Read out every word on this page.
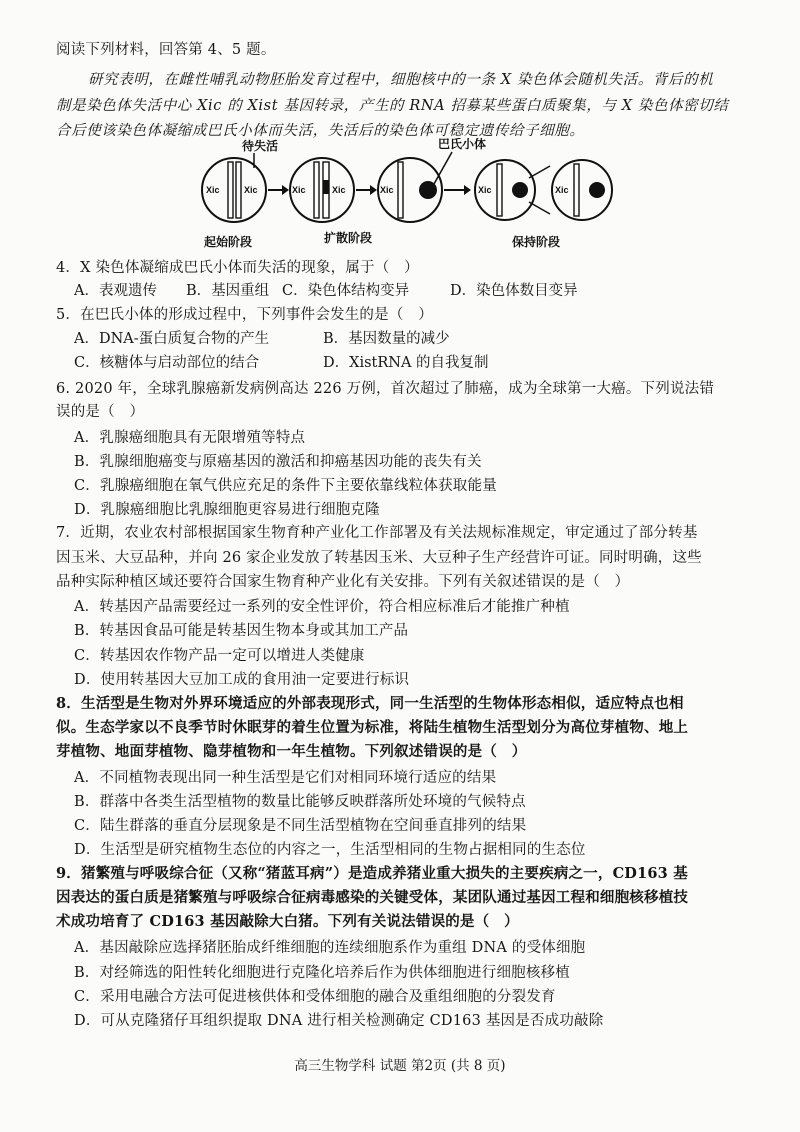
阅读下列材料，回答第 4、5 题。
研究表明，在雌性哺乳动物胚胎发育过程中，细胞核中的一条 X 染色体会随机失活。背后的机
制是染色体失活中心 Xic 的 Xist 基因转录，产生的 RNA 招募某些蛋白质聚集，与 X 染色体密切结
合后使该染色体凝缩成巴氏小体而失活，失活后的染色体可稳定遗传给子细胞。
待失活	巴氏小体
起始阶段	扩散阶段	保持阶段
Xic	Xic	Xic	Xic	Xic	Xic	Xic
4．X 染色体凝缩成巴氏小体而失活的现象，属于（　）
A．表观遗传 B．基因重组 C．染色体结构变异	D．染色体数目变异
5．在巴氏小体的形成过程中，下列事件会发生的是（　）
A．DNA-蛋白质复合物的产生	B．基因数量的减少
C．核糖体与启动部位的结合	D．XistRNA 的自我复制
6. 2020 年，全球乳腺癌新发病例高达 226 万例，首次超过了肺癌，成为全球第一大癌。下列说法错
误的是（　）
A．乳腺癌细胞具有无限增殖等特点
B．乳腺细胞癌变与原癌基因的激活和抑癌基因功能的丧失有关
C．乳腺癌细胞在氧气供应充足的条件下主要依靠线粒体获取能量
D．乳腺癌细胞比乳腺细胞更容易进行细胞克隆
7．近期，农业农村部根据国家生物育种产业化工作部署及有关法规标准规定，审定通过了部分转基
因玉米、大豆品种，并向 26 家企业发放了转基因玉米、大豆种子生产经营许可证。同时明确，这些
品种实际种植区域还要符合国家生物育种产业化有关安排。下列有关叙述错误的是（　）
A．转基因产品需要经过一系列的安全性评价，符合相应标准后才能推广种植
B．转基因食品可能是转基因生物本身或其加工产品
C．转基因农作物产品一定可以增进人类健康
D．使用转基因大豆加工成的食用油一定要进行标识
8．生活型是生物对外界环境适应的外部表现形式，同一生活型的生物体形态相似，适应特点也相
似。生态学家以不良季节时休眠芽的着生位置为标准，将陆生植物生活型划分为高位芽植物、地上
芽植物、地面芽植物、隐芽植物和一年生植物。下列叙述错误的是（　）
A．不同植物表现出同一种生活型是它们对相同环境行适应的结果
B．群落中各类生活型植物的数量比能够反映群落所处环境的气候特点
C．陆生群落的垂直分层现象是不同生活型植物在空间垂直排列的结果
D．生活型是研究植物生态位的内容之一，生活型相同的生物占据相同的生态位
9．猪繁殖与呼吸综合征（又称“猪蓝耳病”）是造成养猪业重大损失的主要疾病之一，CD163 基
因表达的蛋白质是猪繁殖与呼吸综合征病毒感染的关键受体，某团队通过基因工程和细胞核移植技
术成功培育了 CD163 基因敲除大白猪。下列有关说法错误的是（　）
A．基因敲除应选择猪胚胎成纤维细胞的连续细胞系作为重组 DNA 的受体细胞
B．对经筛选的阳性转化细胞进行克隆化培养后作为供体细胞进行细胞核移植
C．采用电融合方法可促进核供体和受体细胞的融合及重组细胞的分裂发育
D．可从克隆猪仔耳组织提取 DNA 进行相关检测确定 CD163 基因是否成功敲除
高三生物学科 试题 第2页 (共 8 页)
